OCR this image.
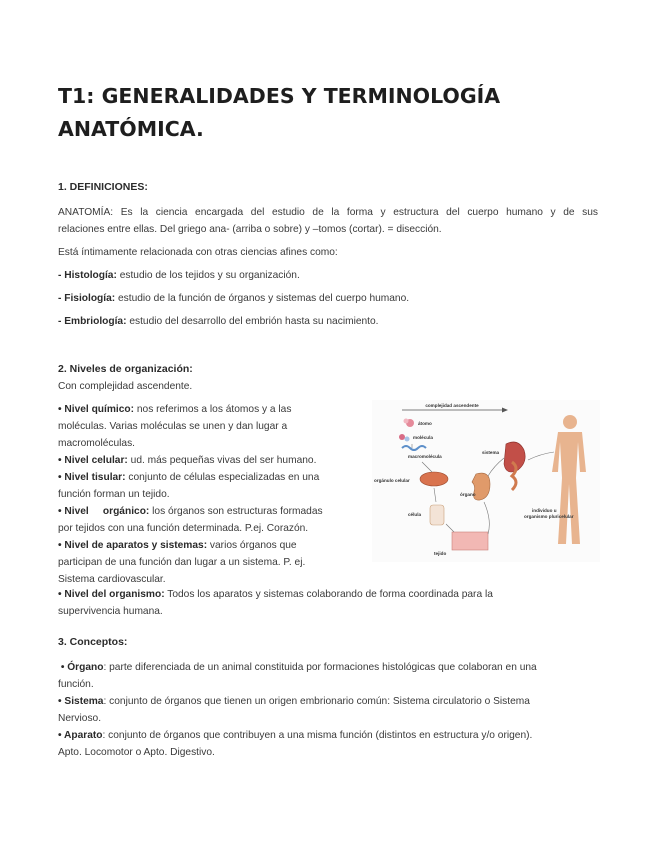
T1: GENERALIDADES Y TERMINOLOGÍA
ANATÓMICA.
1. DEFINICIONES:
ANATOMÍA: Es la ciencia encargada del estudio de la forma y estructura del cuerpo humano y de sus
relaciones entre ellas. Del griego ana- (arriba o sobre) y –tomos (cortar). = disección.
Está íntimamente relacionada con otras ciencias afines como:
- Histología: estudio de los tejidos y su organización.
- Fisiología: estudio de la función de órganos y sistemas del cuerpo humano.
- Embriología: estudio del desarrollo del embrión hasta su nacimiento.
2. Niveles de organización:
Con complejidad ascendente.
• Nivel químico: nos referimos a los átomos y a las
moléculas. Varias moléculas se unen y dan lugar a
macromoléculas.
• Nivel celular: ud. más pequeñas vivas del ser humano.
• Nivel tisular: conjunto de células especializadas en una
función forman un tejido.
• Nivel     orgánico: los órganos son estructuras formadas
por tejidos con una función determinada. P.ej. Corazón.
• Nivel de aparatos y sistemas: varios órganos que
participan de una función dan lugar a un sistema. P. ej.
Sistema cardiovascular.
• Nivel del organismo: Todos los aparatos y sistemas colaborando de forma coordinada para la
supervivencia humana.
complejidad ascendente
átomo
molécula
macromolécula
orgánulo celular
célula
tejido
órgano
sistema
individuo u
organismo pluricelular
3. Conceptos:
• Órgano: parte diferenciada de un animal constituida por formaciones histológicas que colaboran en una
función.
• Sistema: conjunto de órganos que tienen un origen embrionario común: Sistema circulatorio o Sistema
Nervioso.
• Aparato: conjunto de órganos que contribuyen a una misma función (distintos en estructura y/o origen).
Apto. Locomotor o Apto. Digestivo.
